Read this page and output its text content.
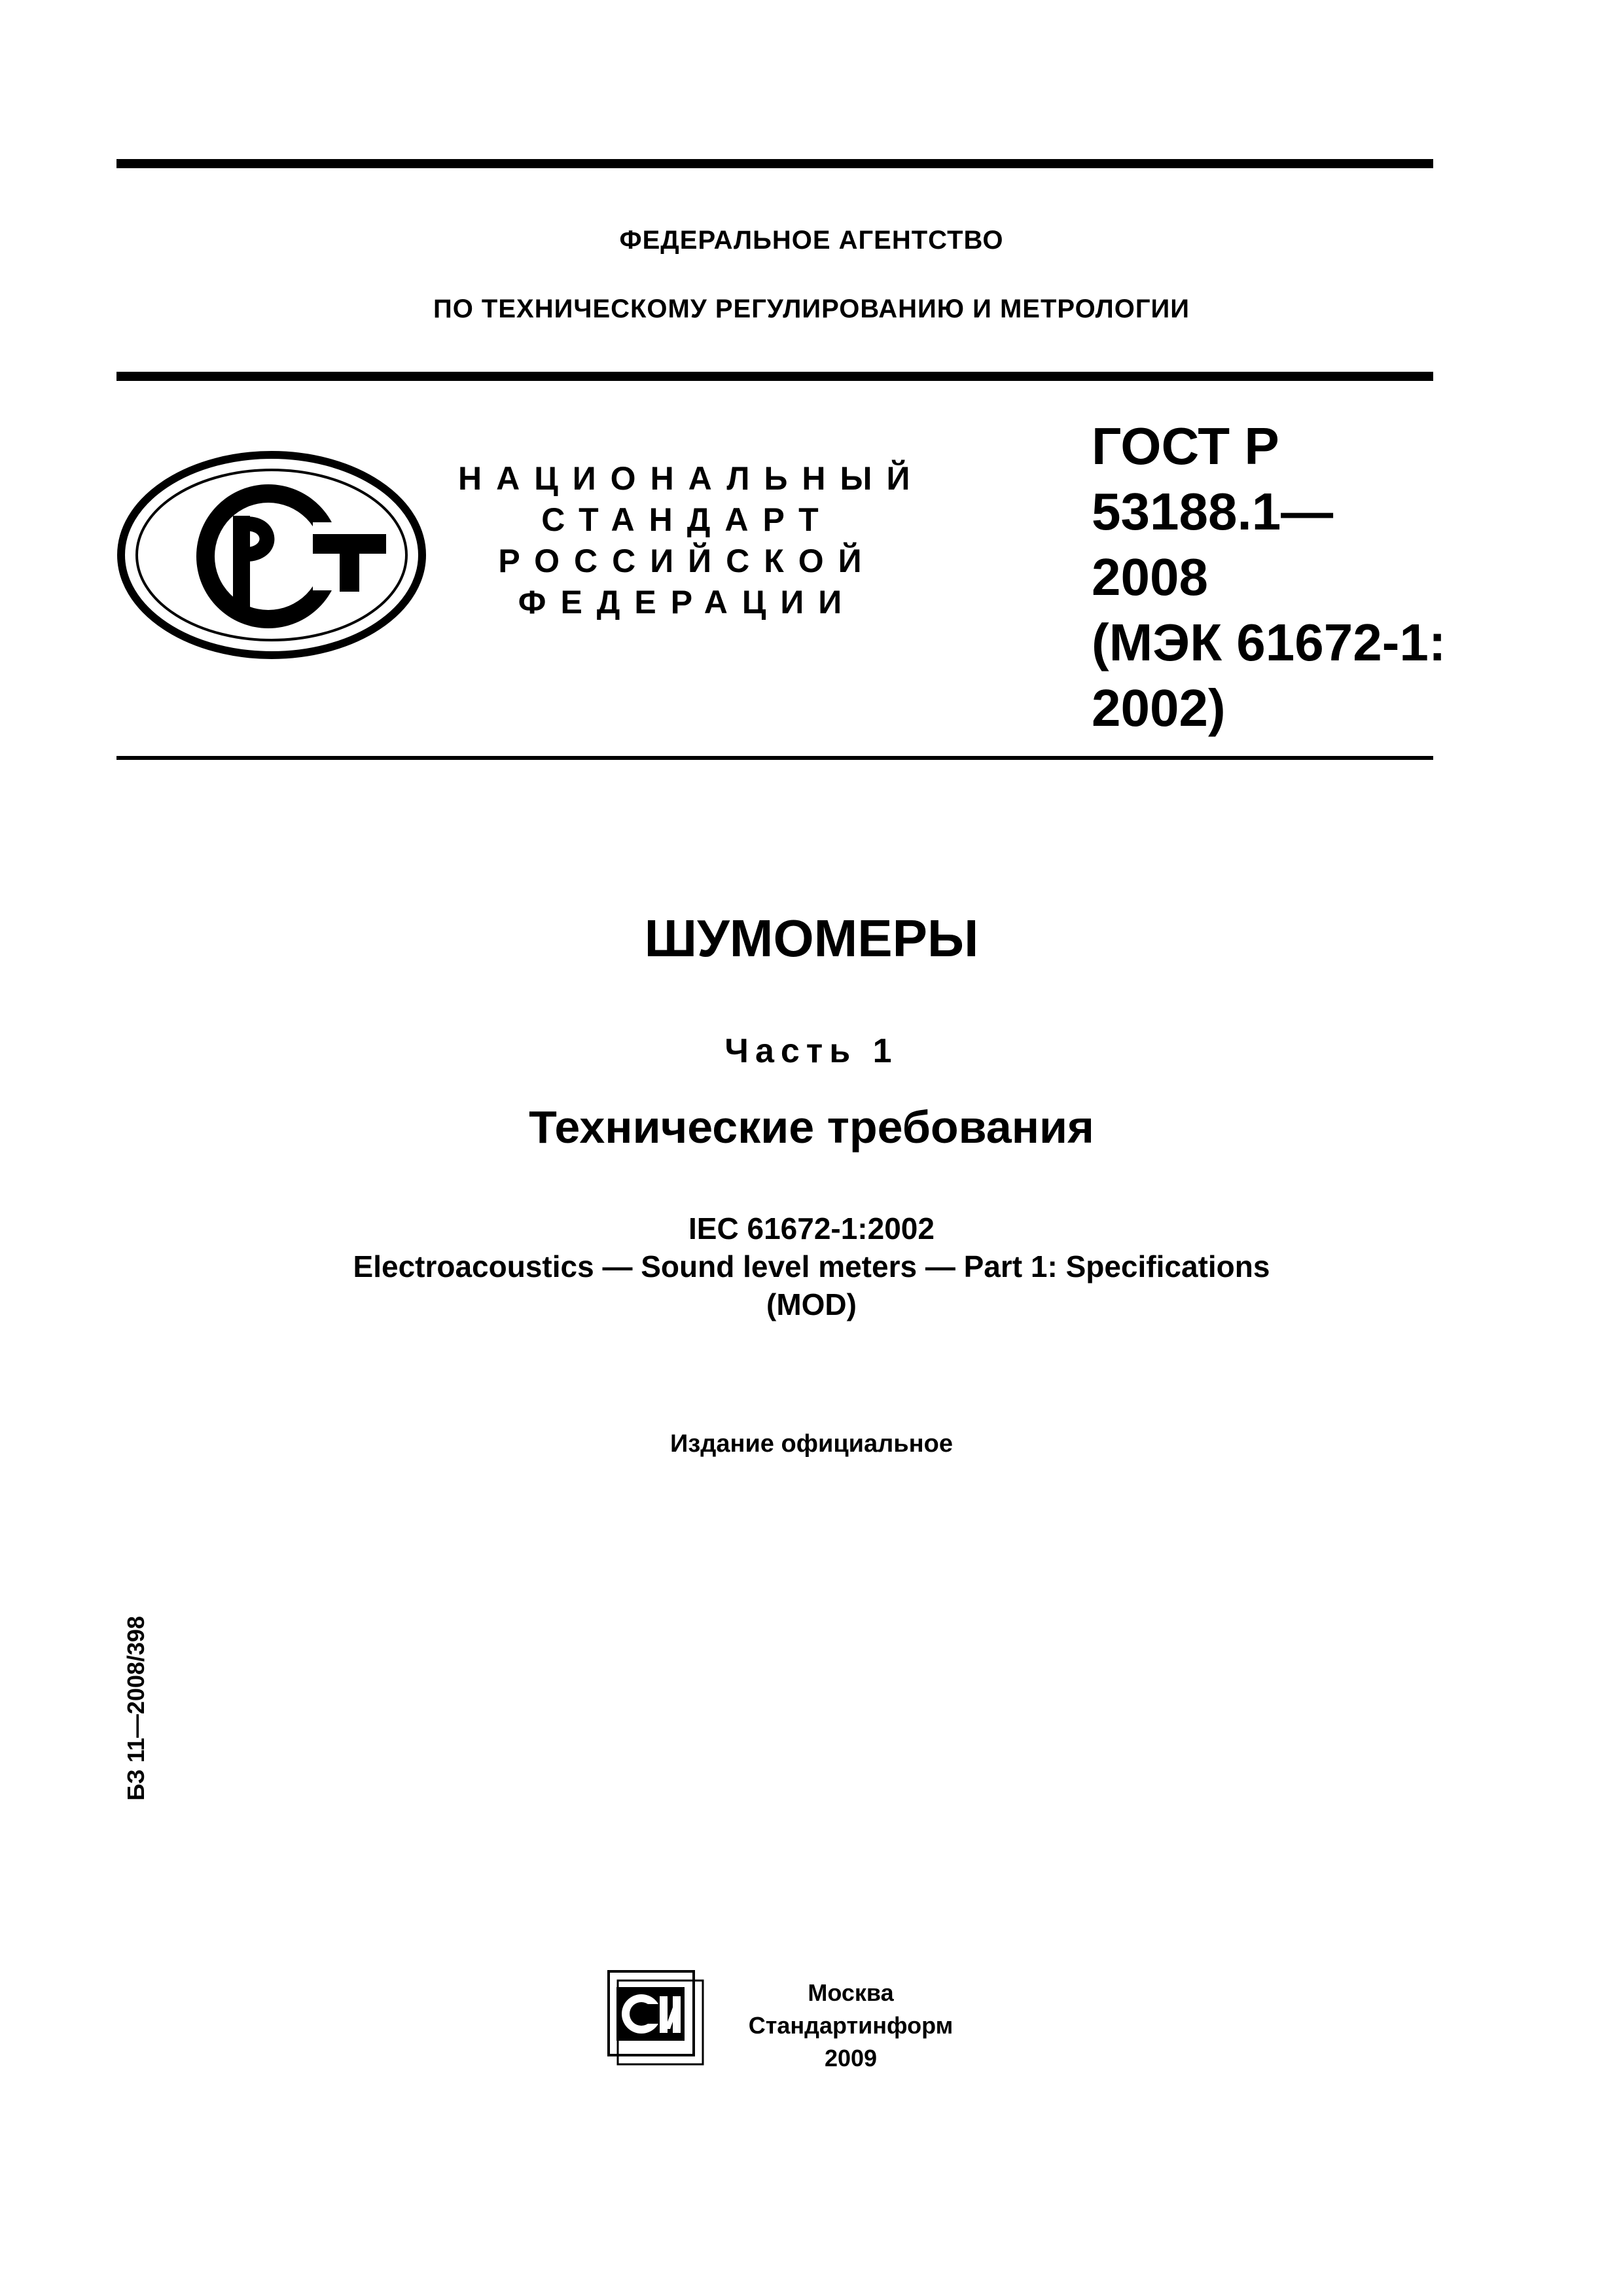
ФЕДЕРАЛЬНОЕ АГЕНТСТВО
ПО ТЕХНИЧЕСКОМУ РЕГУЛИРОВАНИЮ И МЕТРОЛОГИИ
НАЦИОНАЛЬНЫЙ
СТАНДАРТ
РОССИЙСКОЙ
ФЕДЕРАЦИИ
ГОСТ Р
53188.1—
2008
(МЭК 61672-1:
2002)
ШУМОМЕРЫ
Часть 1
Технические требования
IEC 61672-1:2002
Electroacoustics — Sound level meters — Part 1: Specifications
(MOD)
Издание официальное
БЗ 11—2008/398
Москва
Стандартинформ
2009
